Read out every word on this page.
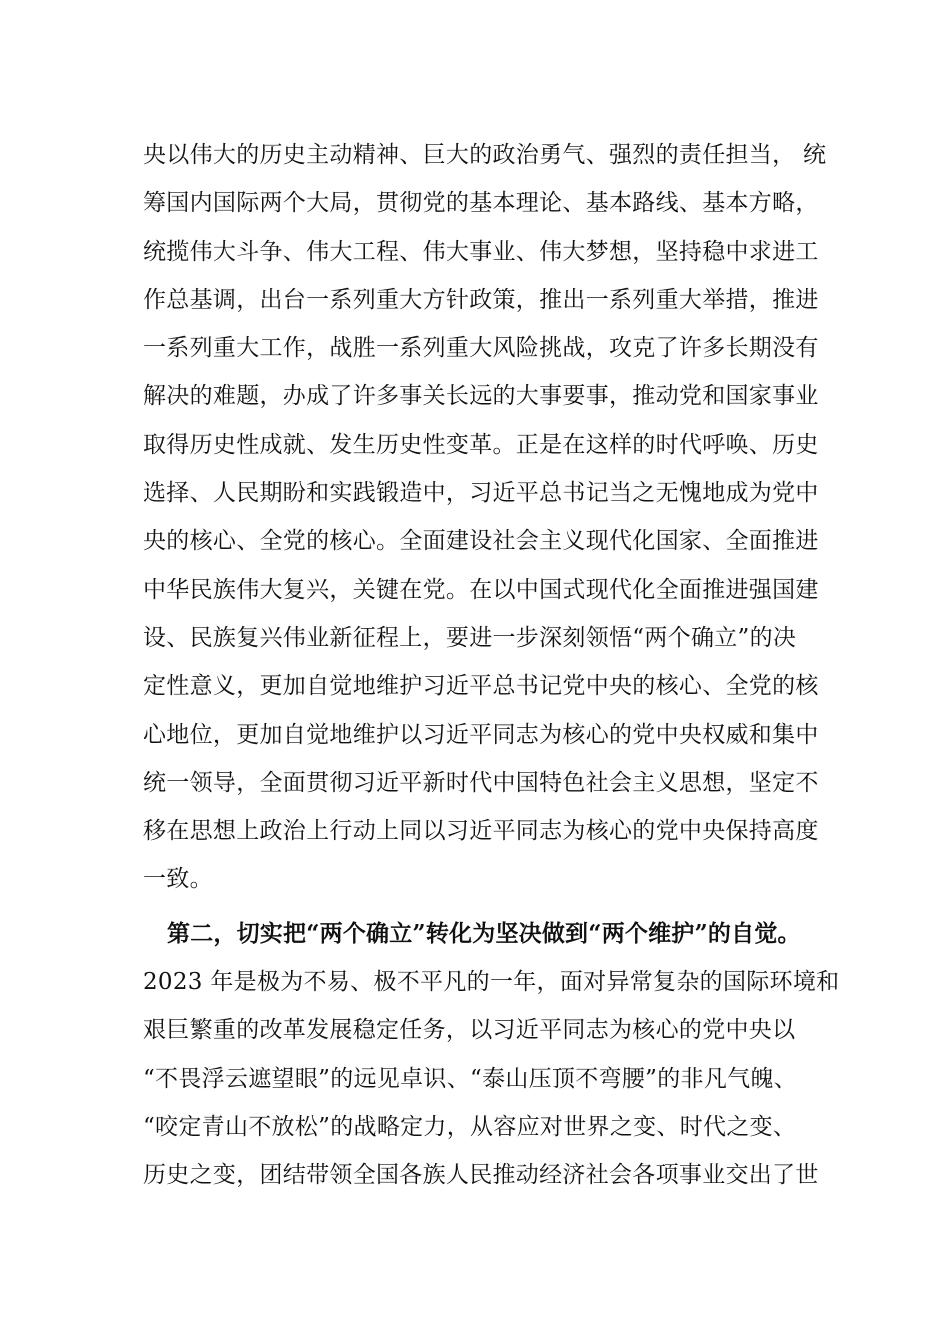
央以伟大的历史主动精神、巨大的政治勇气、强烈的责任担当， 统
筹国内国际两个大局，贯彻党的基本理论、基本路线、基本方略，
统揽伟大斗争、伟大工程、伟大事业、伟大梦想，坚持稳中求进工
作总基调，出台一系列重大方针政策，推出一系列重大举措，推进
一系列重大工作，战胜一系列重大风险挑战，攻克了许多长期没有
解决的难题，办成了许多事关长远的大事要事，推动党和国家事业
取得历史性成就、发生历史性变革。正是在这样的时代呼唤、历史
选择、人民期盼和实践锻造中，习近平总书记当之无愧地成为党中
央的核心、全党的核心。全面建设社会主义现代化国家、全面推进
中华民族伟大复兴，关键在党。在以中国式现代化全面推进强国建
设、民族复兴伟业新征程上，要进一步深刻领悟“两个确立”的决
定性意义，更加自觉地维护习近平总书记党中央的核心、全党的核
心地位，更加自觉地维护以习近平同志为核心的党中央权威和集中
统一领导，全面贯彻习近平新时代中国特色社会主义思想，坚定不
移在思想上政治上行动上同以习近平同志为核心的党中央保持高度
一致。
第二，切实把“两个确立”转化为坚决做到“两个维护”的自觉。
2023 年是极为不易、极不平凡的一年，面对异常复杂的国际环境和
艰巨繁重的改革发展稳定任务，以习近平同志为核心的党中央以
“不畏浮云遮望眼”的远见卓识、“泰山压顶不弯腰”的非凡气魄、
“咬定青山不放松”的战略定力，从容应对世界之变、时代之变、
历史之变，团结带领全国各族人民推动经济社会各项事业交出了世
